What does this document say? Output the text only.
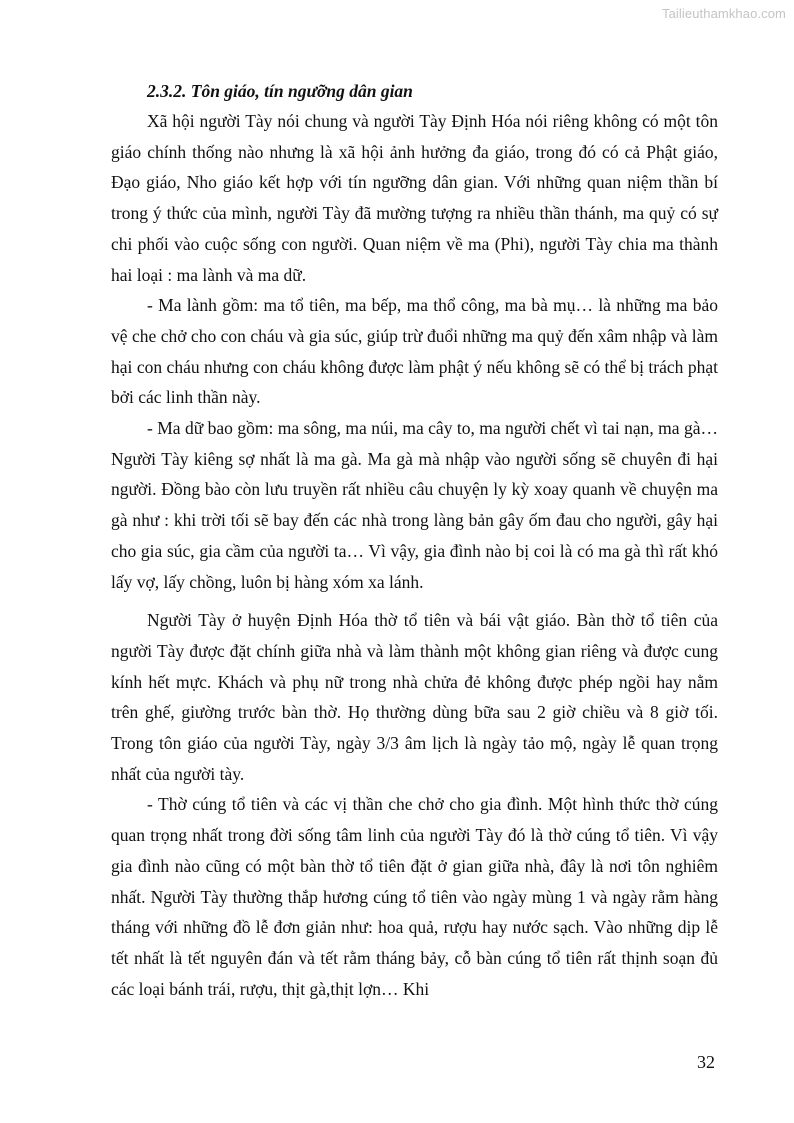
Tailieuthamkhao.com
2.3.2. Tôn giáo, tín ngưỡng dân gian

Xã hội người Tày nói chung và người Tày Định Hóa nói riêng không có một tôn giáo chính thống nào nhưng là xã hội ảnh hưởng đa giáo, trong đó có cả Phật giáo, Đạo giáo, Nho giáo kết hợp với tín ngưỡng dân gian. Với những quan niệm thần bí trong ý thức của mình, người Tày đã mường tượng ra nhiều thần thánh, ma quỷ có sự chi phối vào cuộc sống con người. Quan niệm về ma (Phi), người Tày chia ma thành hai loại : ma lành và ma dữ.

- Ma lành gồm: ma tổ tiên, ma bếp, ma thổ công, ma bà mụ… là những ma bảo vệ che chở cho con cháu và gia súc, giúp trừ đuổi những ma quỷ đến xâm nhập và làm hại con cháu nhưng con cháu không được làm phật ý nếu không sẽ có thể bị trách phạt bởi các linh thần này.

- Ma dữ bao gồm: ma sông, ma núi, ma cây to, ma người chết vì tai nạn, ma gà… Người Tày kiêng sợ nhất là ma gà. Ma gà mà nhập vào người sống sẽ chuyên đi hại người. Đồng bào còn lưu truyền rất nhiều câu chuyện ly kỳ xoay quanh về chuyện ma gà như : khi trời tối sẽ bay đến các nhà trong làng bản gây ốm đau cho người, gây hại cho gia súc, gia cầm của người ta… Vì vậy, gia đình nào bị coi là có ma gà thì rất khó lấy vợ, lấy chồng, luôn bị hàng xóm xa lánh.

Người Tày ở huyện Định Hóa thờ tổ tiên và bái vật giáo. Bàn thờ tổ tiên của người Tày được đặt chính giữa nhà và làm thành một không gian riêng và được cung kính hết mực. Khách và phụ nữ trong nhà chửa đẻ không được phép ngồi hay nằm trên ghế, giường trước bàn thờ. Họ thường dùng bữa sau 2 giờ chiều và 8 giờ tối. Trong tôn giáo của người Tày, ngày 3/3 âm lịch là ngày tảo mộ, ngày lễ quan trọng nhất của người tày.

- Thờ cúng tổ tiên và các vị thần che chở cho gia đình. Một hình thức thờ cúng quan trọng nhất trong đời sống tâm linh của người Tày đó là thờ cúng tổ tiên. Vì vậy gia đình nào cũng có một bàn thờ tổ tiên đặt ở gian giữa nhà, đây là nơi tôn nghiêm nhất. Người Tày thường thắp hương cúng tổ tiên vào ngày mùng 1 và ngày rằm hàng tháng với những đồ lễ đơn giản như: hoa quả, rượu hay nước sạch. Vào những dịp lễ tết nhất là tết nguyên đán và tết rằm tháng bảy, cỗ bàn cúng tổ tiên rất thịnh soạn đủ các loại bánh trái, rượu, thịt gà,thịt lợn… Khi

32
